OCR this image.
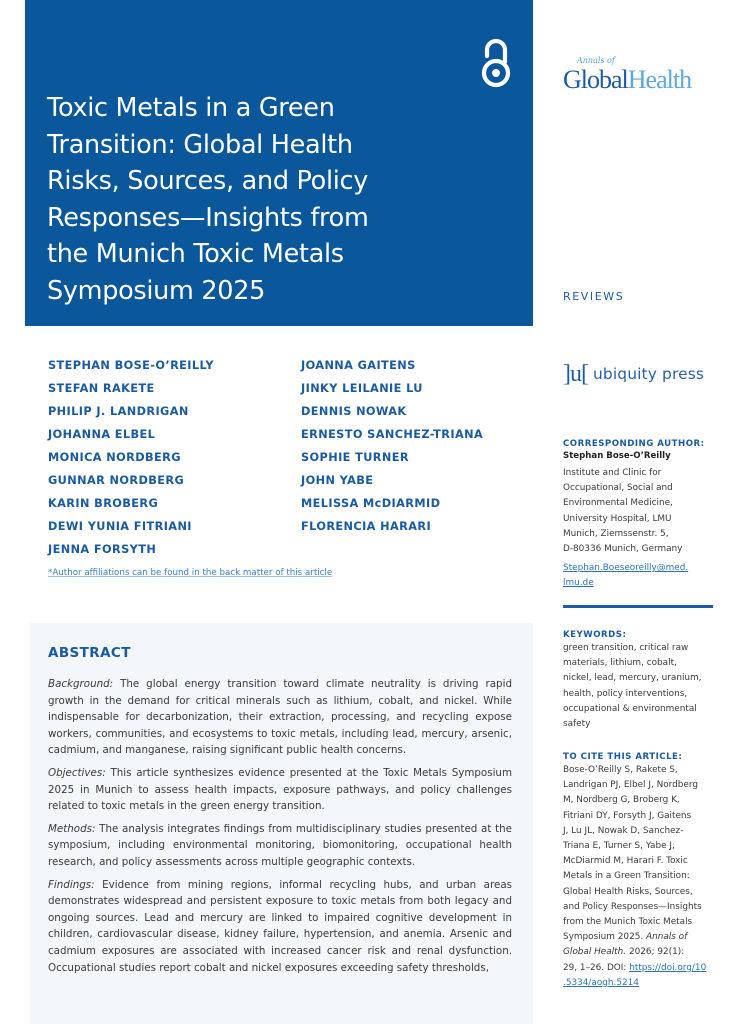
Toxic Metals in a Green
Transition: Global Health
Risks, Sources, and Policy
Responses—Insights from
the Munich Toxic Metals
Symposium 2025
Annals of
GlobalHealth
REVIEWS
STEPHAN BOSE-O’REILLY
STEFAN RAKETE
PHILIP J. LANDRIGAN
JOHANNA ELBEL
MONICA NORDBERG
GUNNAR NORDBERG
KARIN BROBERG
DEWI YUNIA FITRIANI
JENNA FORSYTH
JOANNA GAITENS
JINKY LEILANIE LU
DENNIS NOWAK
ERNESTO SANCHEZ-TRIANA
SOPHIE TURNER
JOHN YABE
MELISSA McDIARMID
FLORENCIA HARARI
*Author affiliations can be found in the back matter of this article
]u[ ubiquity press
CORRESPONDING AUTHOR:
Stephan Bose-O’Reilly
Institute and Clinic for
Occupational, Social and
Environmental Medicine,
University Hospital, LMU
Munich, Ziemssenstr. 5,
D-80336 Munich, Germany
Stephan.Boeseoreilly@med.
lmu.de
KEYWORDS:
green transition, critical raw
materials, lithium, cobalt,
nickel, lead, mercury, uranium,
health, policy interventions,
occupational & environmental
safety
TO CITE THIS ARTICLE:
Bose-O’Reilly S, Rakete S,
Landrigan PJ, Elbel J, Nordberg
M, Nordberg G, Broberg K,
Fitriani DY, Forsyth J, Gaitens
J, Lu JL, Nowak D, Sanchez-
Triana E, Turner S, Yabe J,
McDiarmid M, Harari F. Toxic
Metals in a Green Transition:
Global Health Risks, Sources,
and Policy Responses—Insights
from the Munich Toxic Metals
Symposium 2025. Annals of
Global Health. 2026; 92(1):
29, 1–26. DOI: https://doi.org/10
.5334/aogh.5214
ABSTRACT

Background: The global energy transition toward climate neutrality is driving rapid growth in the demand for critical minerals such as lithium, cobalt, and nickel. While indispensable for decarbonization, their extraction, processing, and recycling expose workers, communities, and ecosystems to toxic metals, including lead, mercury, arsenic, cadmium, and manganese, raising significant public health concerns.

Objectives: This article synthesizes evidence presented at the Toxic Metals Symposium 2025 in Munich to assess health impacts, exposure pathways, and policy challenges related to toxic metals in the green energy transition.

Methods: The analysis integrates findings from multidisciplinary studies presented at the symposium, including environmental monitoring, biomonitoring, occupational health research, and policy assessments across multiple geographic contexts.

Findings: Evidence from mining regions, informal recycling hubs, and urban areas demonstrates widespread and persistent exposure to toxic metals from both legacy and ongoing sources. Lead and mercury are linked to impaired cognitive development in children, cardiovascular disease, kidney failure, hypertension, and anemia. Arsenic and cadmium exposures are associated with increased cancer risk and renal dysfunction. Occupational studies report cobalt and nickel exposures exceeding safety thresholds,
